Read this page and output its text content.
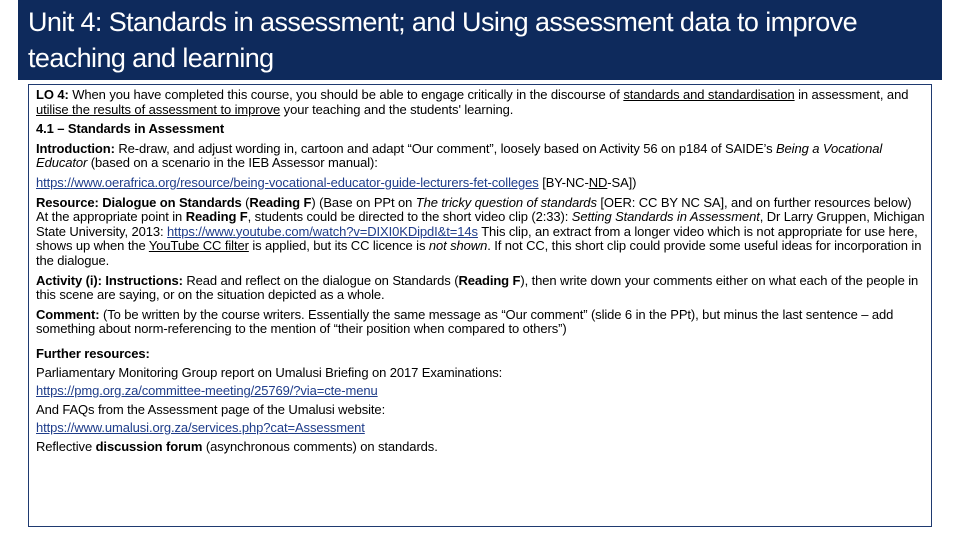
Unit 4: Standards in assessment; and Using assessment data to improve teaching and learning

LO 4: When you have completed this course, you should be able to engage critically in the discourse of standards and standardisation in assessment, and utilise the results of assessment to improve your teaching and the students' learning.

4.1 – Standards in Assessment

Introduction: Re-draw, and adjust wording in, cartoon and adapt “Our comment”, loosely based on Activity 56 on p184 of SAIDE’s Being a Vocational Educator (based on a scenario in the IEB Assessor manual):

https://www.oerafrica.org/resource/being-vocational-educator-guide-lecturers-fet-colleges [BY-NC-ND-SA])

Resource: Dialogue on Standards (Reading F) (Base on PPt on The tricky question of standards [OER: CC BY NC SA], and on further resources below) At the appropriate point in Reading F, students could be directed to the short video clip (2:33): Setting Standards in Assessment, Dr Larry Gruppen, Michigan State University, 2013: https://www.youtube.com/watch?v=DIXI0KDipdI&t=14s This clip, an extract from a longer video which is not appropriate for use here, shows up when the YouTube CC filter is applied, but its CC licence is not shown. If not CC, this short clip could provide some useful ideas for incorporation in the dialogue.

Activity (i): Instructions: Read and reflect on the dialogue on Standards (Reading F), then write down your comments either on what each of the people in this scene are saying, or on the situation depicted as a whole.

Comment: (To be written by the course writers. Essentially the same message as “Our comment” (slide 6 in the PPt), but minus the last sentence – add something about norm-referencing to the mention of “their position when compared to others”)

Further resources:

Parliamentary Monitoring Group report on Umalusi Briefing on 2017 Examinations:

https://pmg.org.za/committee-meeting/25769/?via=cte-menu

And FAQs from the Assessment page of the Umalusi website:

https://www.umalusi.org.za/services.php?cat=Assessment

Reflective discussion forum (asynchronous comments) on standards.
